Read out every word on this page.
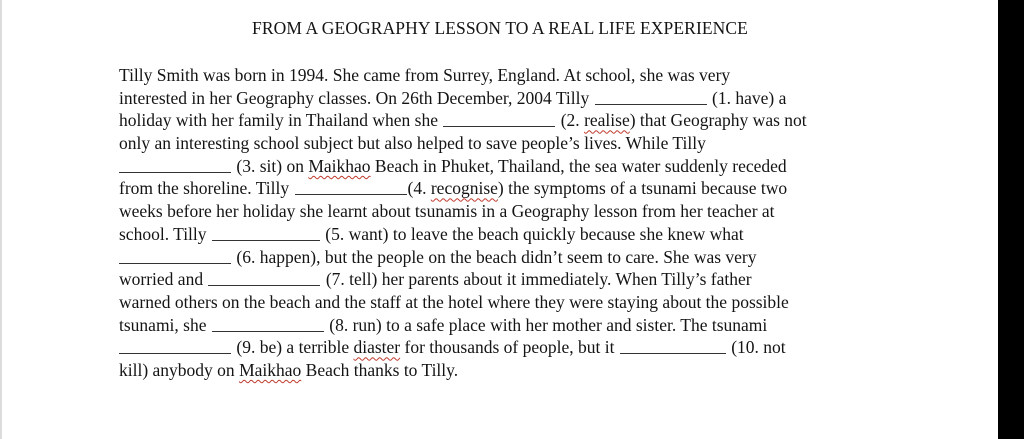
FROM A GEOGRAPHY LESSON TO A REAL LIFE EXPERIENCE
Tilly Smith was born in 1994. She came from Surrey, England. At school, she was very
interested in her Geography classes. On 26th December, 2004 Tilly	(1. have) a
holiday with her family in Thailand when she	(2. realise) that Geography was not
only an interesting school subject but also helped to save people’s lives. While Tilly
(3. sit) on Maikhao Beach in Phuket, Thailand, the sea water suddenly receded
from the shoreline. Tilly	(4. recognise) the symptoms of a tsunami because two
weeks before her holiday she learnt about tsunamis in a Geography lesson from her teacher at
school. Tilly	(5. want) to leave the beach quickly because she knew what
(6. happen), but the people on the beach didn’t seem to care. She was very
worried and	(7. tell) her parents about it immediately. When Tilly’s father
warned others on the beach and the staff at the hotel where they were staying about the possible
tsunami, she	(8. run) to a safe place with her mother and sister. The tsunami
(9. be) a terrible diaster for thousands of people, but it	(10. not
kill) anybody on Maikhao Beach thanks to Tilly.
